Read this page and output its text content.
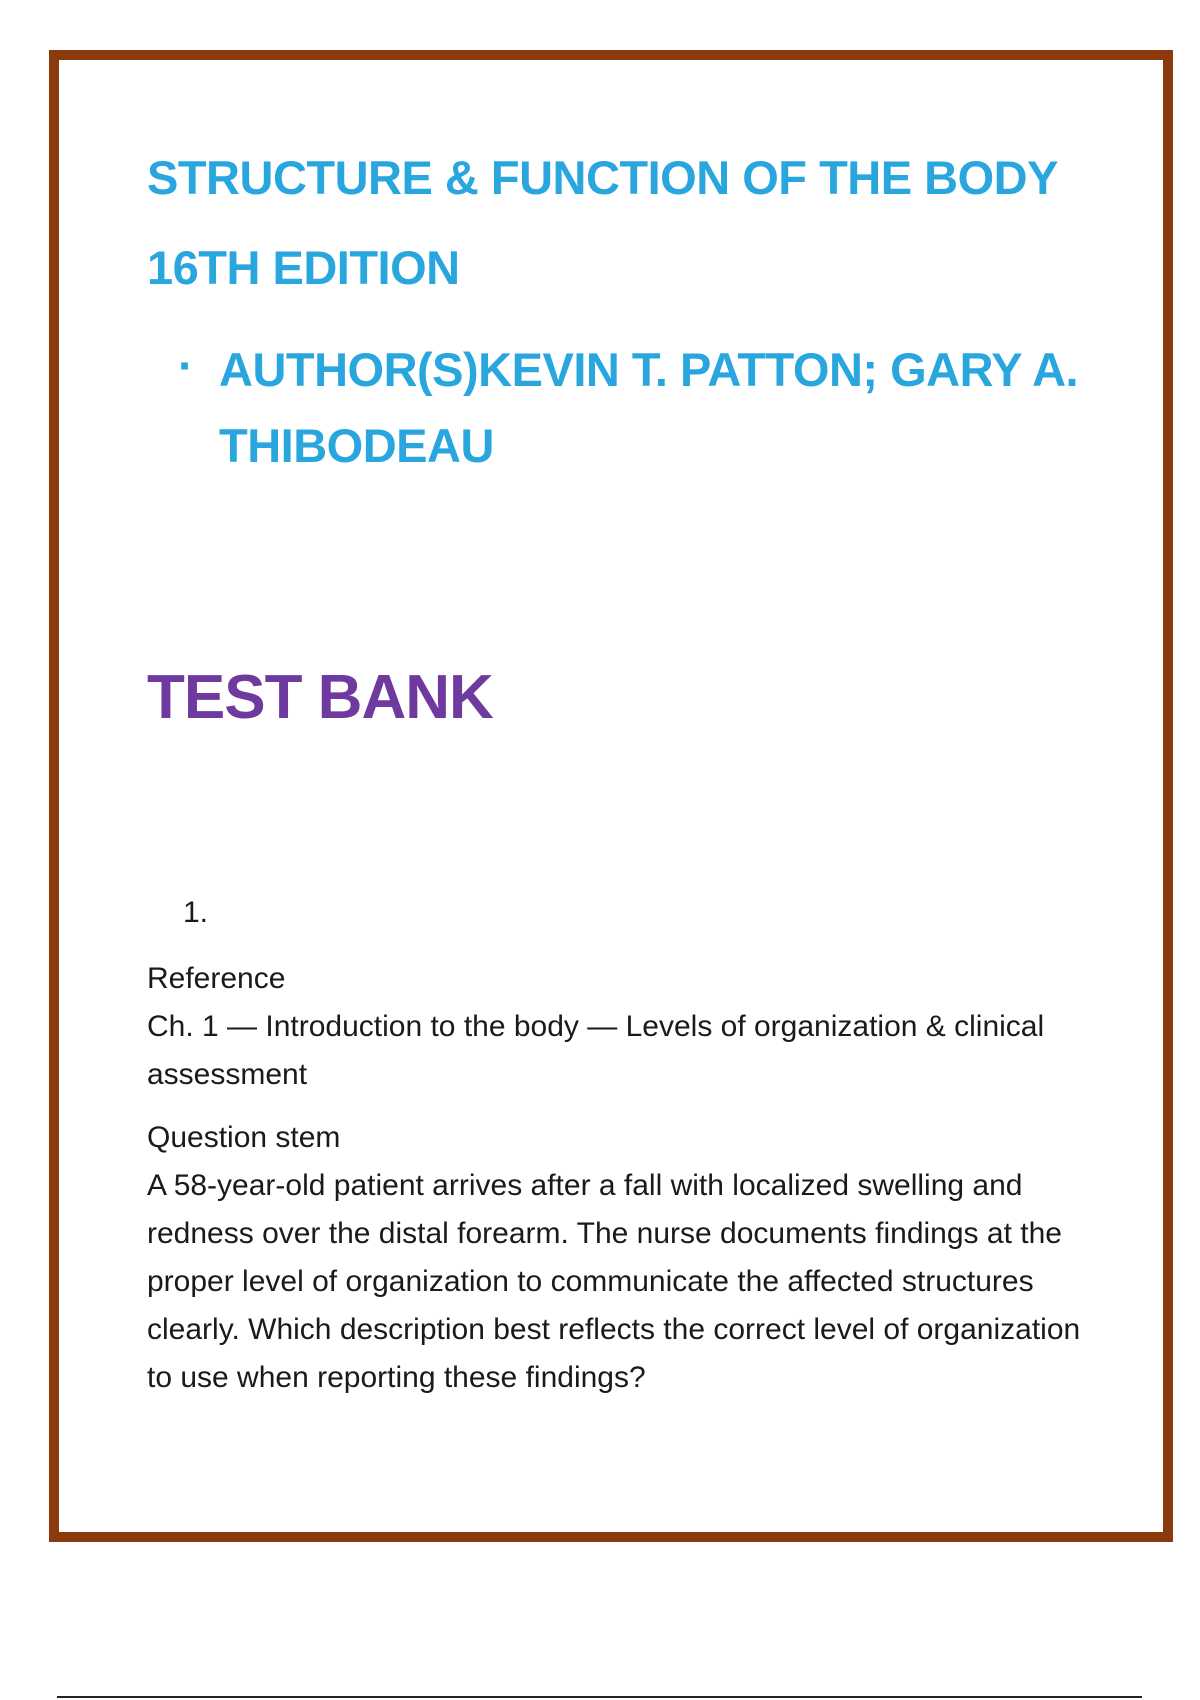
STRUCTURE & FUNCTION OF THE BODY
16TH EDITION
· AUTHOR(S)KEVIN T. PATTON; GARY A. THIBODEAU
TEST BANK
1.
Reference
Ch. 1 — Introduction to the body — Levels of organization & clinical assessment
Question stem
A 58-year-old patient arrives after a fall with localized swelling and redness over the distal forearm. The nurse documents findings at the proper level of organization to communicate the affected structures clearly. Which description best reflects the correct level of organization to use when reporting these findings?
